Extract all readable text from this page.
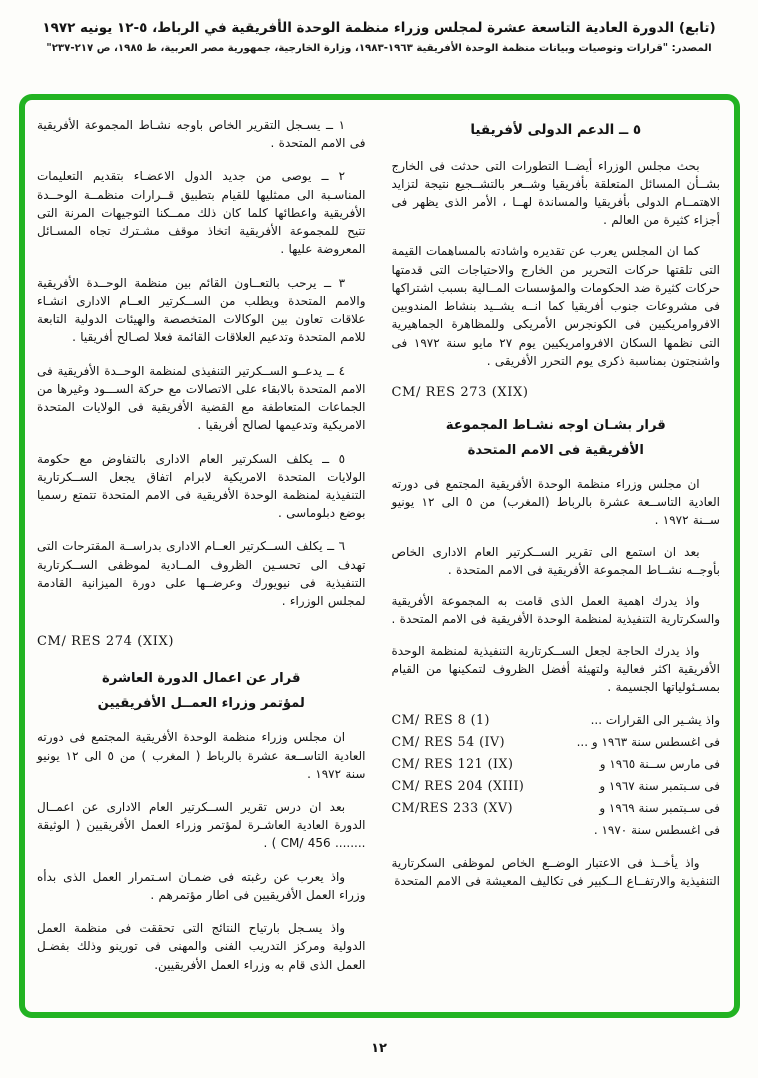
(تابع) الدورة العادية التاسعة عشرة لمجلس وزراء منظمة الوحدة الأفريقية في الرباط، ٥-١٢ يونيه ١٩٧٢
المصدر: "قرارات وتوصيات وبيانات منظمة الوحدة الأفريقية ١٩٦٣-١٩٨٣، وزارة الخارجية، جمهورية مصر العربية، ط ١٩٨٥، ص ٢١٧-٢٣٧"
٥ ــ الدعم الدولى لأفريقيا

بحث مجلس الوزراء أيضــا التطورات التى حدثت فى الخارج بشــأن المسائل المتعلقة بأفريقيا وشــعر بالتشــجيع نتيجة لتزايد الاهتمــام الدولى بأفريقيا والمساندة لهــا ، الأمر الذى يظهر فى أجزاء كثيرة من العالم .

كما ان المجلس يعرب عن تقديره واشادته بالمساهمات القيمة التى تلقتها حركات التحرير من الخارج والاحتياجات التى قدمتها حركات كثيرة ضد الحكومات والمؤسسات المــالية بسبب اشتراكها فى مشروعات جنوب أفريقيا كما انــه يشــيد بنشاط المندوبين الافروامريكيين فى الكونجرس الأمريكى وللمظاهرة الجماهيرية التى نظمها السكان الافروامريكيين يوم ٢٧ مايو سنة ١٩٧٢ فى واشنجتون بمناسبة ذكرى يوم التحرر الأفريقى .

CM/ RES 273 (XIX)
قرار بشـان اوجه نشـاط المجموعة
الأفريقية فى الامم المتحدة

ان مجلس وزراء منظمة الوحدة الأفريقية المجتمع فى دورته العادية التاســعة عشرة بالرباط (المغرب) من ٥ الى ١٢ يونيو ســنة ١٩٧٢ .

بعد ان استمع الى تقرير الســكرتير العام الادارى الخاص بأوجــه نشــاط المجموعة الأفريقية فى الامم المتحدة .

واذ يدرك اهمية العمل الذى قامت به المجموعة الأفريقية والسكرتارية التنفيذية لمنظمة الوحدة الأفريقية فى الامم المتحدة .

واذ يدرك الحاجة لجعل الســكرتارية التنفيذية لمنظمة الوحدة الأفريقية اكثر فعالية ولتهيئة أفضل الظروف لتمكينها من القيام بمسـئولياتها الجسيمة .

واذ يشـير الى القرارات ...
CM/ RES 8 (1)
فى اغسطس سنة ١٩٦٣ و ...
CM/ RES 54 (IV)
فى مارس ســنة ١٩٦٥ و
CM/ RES 121 (IX)
فى سـبتمبر سنة ١٩٦٧ و
CM/ RES 204 (XIII)
فى سـبتمبر سنة ١٩٦٩ و
CM/RES 233 (XV)
فى اغسطس سنة ١٩٧٠ .

واذ يأخــذ فى الاعتبار الوضــع الخاص لموظفى السكرتارية التنفيذية والارتفــاع الــكبير فى تكاليف المعيشة فى الامم المتحدة

١ ــ يسـجل التقرير الخاص باوجه نشـاط المجموعة الأفريقية فى الامم المتحدة .

٢ ــ يوصى من جديد الدول الاعضـاء بتقديم التعليمات المناسـبة الى ممثليها للقيام بتطبيق قــرارات منظمــة الوحــدة الأفريقية واعطائها كلما كان ذلك ممــكنا التوجيهات المرنة التى تتيح للمجموعة الأفريقية اتخاذ موقف مشـترك تجاه المسـائل المعروضة عليها .

٣ ــ يرحب بالتعــاون القائم بين منظمة الوحــدة الأفريقية والامم المتحدة ويطلب من الســكرتير العــام الادارى انشـاء علاقات تعاون بين الوكالات المتخصصة والهيئات الدولية التابعة للامم المتحدة وتدعيم العلاقات القائمة فعلا لصـالح أفريقيا .

٤ ــ يدعــو الســكرتير التنفيذى لمنظمة الوحــدة الأفريقية فى الامم المتحدة بالابقاء على الاتصالات مع حركة الســـود وغيرها من الجماعات المتعاطفة مع القضية الأفريقية فى الولايات المتحدة الامريكية وتدعيمها لصالح أفريقيا .

٥ ــ يكلف السكرتير العام الادارى بالتفاوض مع حكومة الولايات المتحدة الامريكية لابرام اتفاق يجعل الســكرتارية التنفيذية لمنظمة الوحدة الأفريقية فى الامم المتحدة تتمتع رسميا بوضع دبلوماسى .

٦ ــ يكلف الســكرتير العــام الادارى بدراســة المقترحات التى تهدف الى تحسـين الظروف المــادية لموظفى الســكرتارية التنفيذية فى نيويورك وعرضــها على دورة الميزانية القادمة لمجلس الوزراء .

CM/ RES 274 (XIX)
قرار عن اعمال الدورة العاشرة
لمؤتمر وزراء العمــل الأفريقيين

ان مجلس وزراء منظمة الوحدة الأفريقية المجتمع فى دورته العادية التاســعة عشرة بالرباط ( المغرب ) من ٥ الى ١٢ يونيو سنة ١٩٧٢ .

بعد ان درس تقرير الســكرتير العام الادارى عن اعمــال الدورة العادية العاشـرة لمؤتمر وزراء العمل الأفريقيين ( الوثيقة ........ CM/ 456 ) .

واذ يعرب عن رغبته فى ضمـان اسـتمرار العمل الذى بدأه وزراء العمل الأفريقيين فى اطار مؤتمرهم .

واذ يسـجل بارتياح النتائج التى تحققت فى منظمة العمل الدولية ومركز التدريب الفنى والمهنى فى تورينو وذلك بفضـل العمل الذى قام به وزراء العمل الأفريقيين.

١٢
